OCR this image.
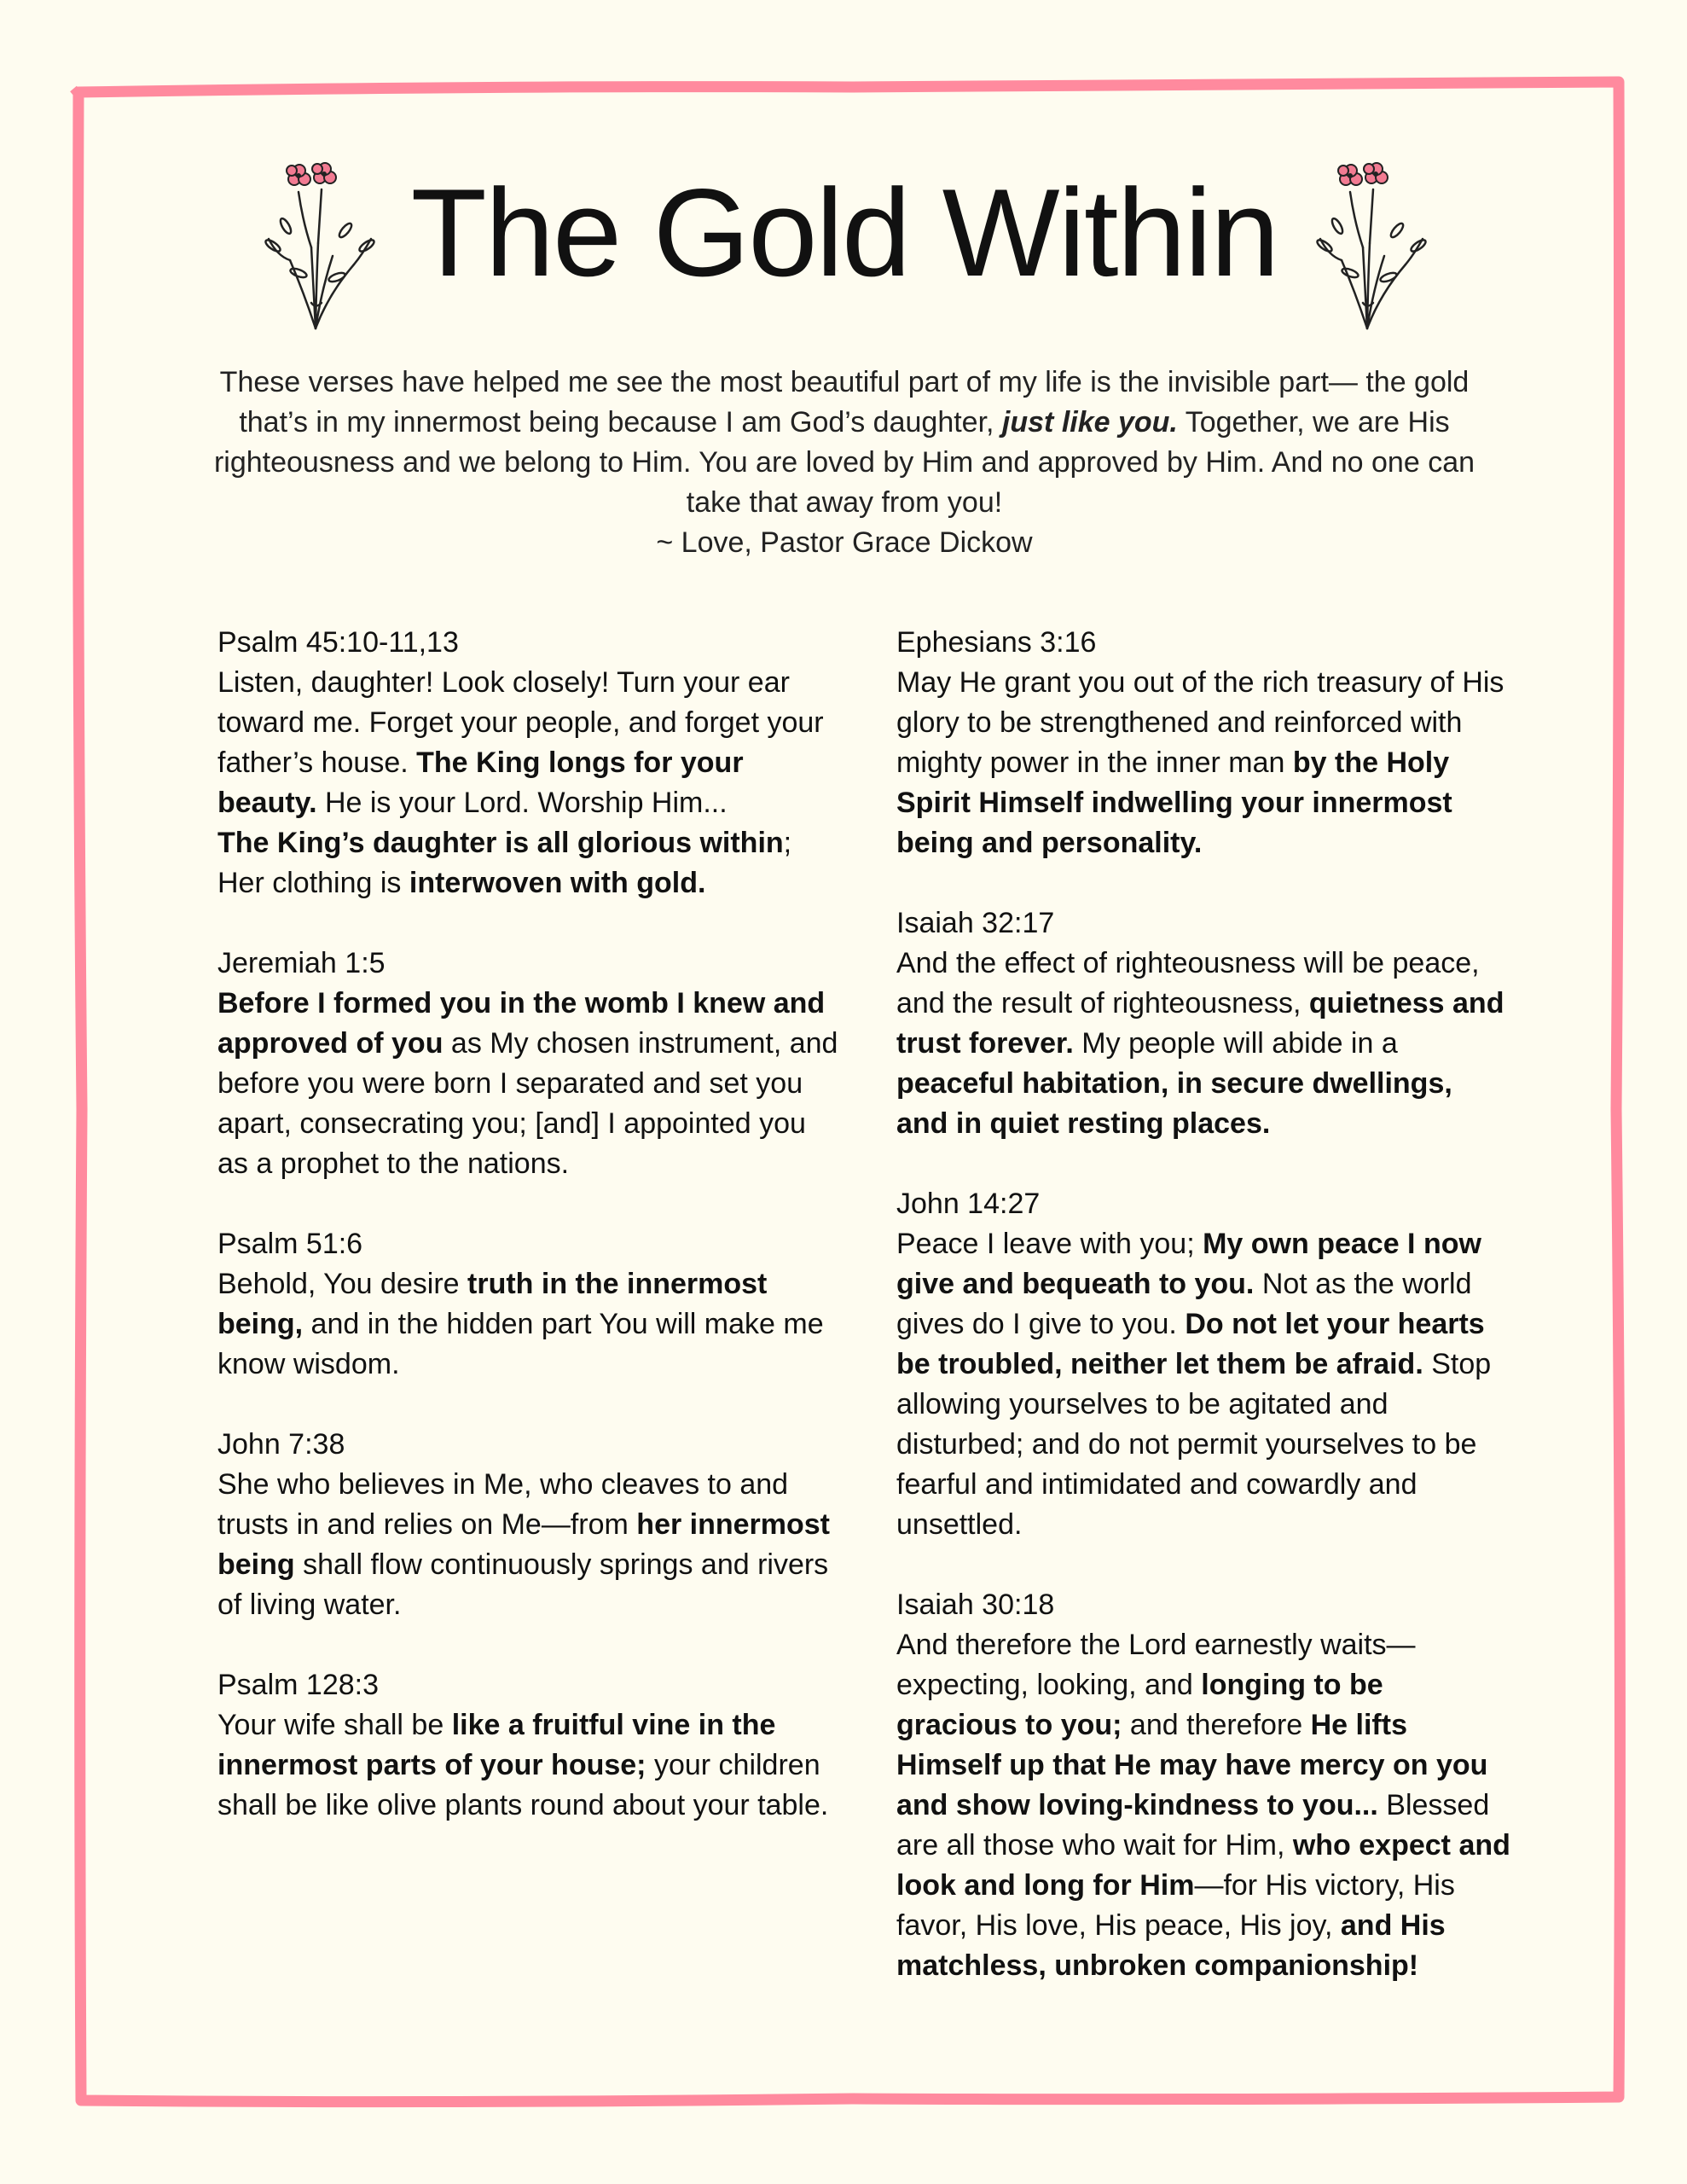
The Gold Within
These verses have helped me see the most beautiful part of my life is the invisible part— the gold that’s in my innermost being because I am God’s daughter, just like you. Together, we are His righteousness and we belong to Him. You are loved by Him and approved by Him. And no one can take that away from you!
~ Love, Pastor Grace Dickow
Psalm 45:10-11,13
Listen, daughter! Look closely! Turn your ear toward me. Forget your people, and forget your father’s house. The King longs for your beauty. He is your Lord. Worship Him...
The King’s daughter is all glorious within; Her clothing is interwoven with gold.
Jeremiah 1:5
Before I formed you in the womb I knew and approved of you as My chosen instrument, and before you were born I separated and set you apart, consecrating you; [and] I appointed you as a prophet to the nations.
Psalm 51:6
Behold, You desire truth in the innermost being, and in the hidden part You will make me know wisdom.
John 7:38
She who believes in Me, who cleaves to and trusts in and relies on Me—from her innermost being shall flow continuously springs and rivers of living water.
Psalm 128:3
Your wife shall be like a fruitful vine in the innermost parts of your house; your children shall be like olive plants round about your table.
Ephesians 3:16
May He grant you out of the rich treasury of His glory to be strengthened and reinforced with mighty power in the inner man by the Holy Spirit Himself indwelling your innermost being and personality.
Isaiah 32:17
And the effect of righteousness will be peace, and the result of righteousness, quietness and trust forever. My people will abide in a peaceful habitation, in secure dwellings, and in quiet resting places.
John 14:27
Peace I leave with you; My own peace I now give and bequeath to you. Not as the world gives do I give to you. Do not let your hearts be troubled, neither let them be afraid. Stop allowing yourselves to be agitated and disturbed; and do not permit yourselves to be fearful and intimidated and cowardly and unsettled.
Isaiah 30:18
And therefore the Lord earnestly waits—expecting, looking, and longing to be gracious to you; and therefore He lifts Himself up that He may have mercy on you and show loving-kindness to you... Blessed are all those who wait for Him, who expect and look and long for Him—for His victory, His favor, His love, His peace, His joy, and His matchless, unbroken companionship!
